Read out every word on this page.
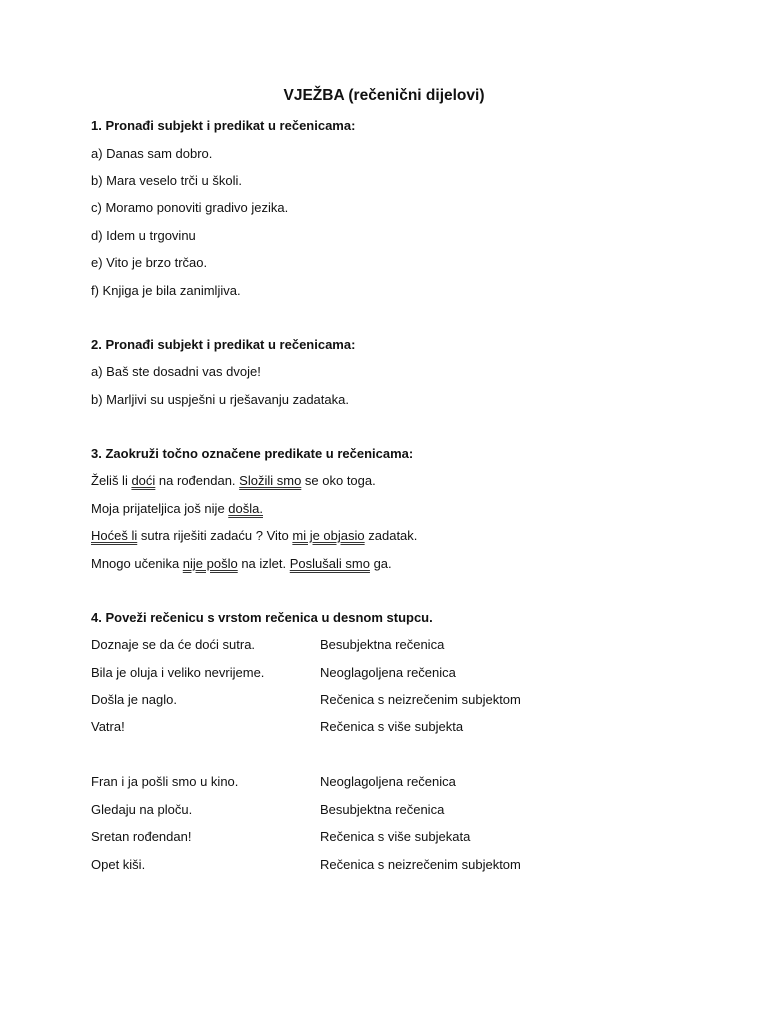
VJEŽBA (rečenični dijelovi)
1. Pronađi subjekt i predikat u rečenicama:
a) Danas sam dobro.
b) Mara veselo trči u školi.
c) Moramo ponoviti gradivo jezika.
d) Idem u trgovinu
e) Vito je brzo trčao.
f) Knjiga je bila zanimljiva.
2. Pronađi subjekt i predikat u rečenicama:
a) Baš ste dosadni vas dvoje!
b) Marljivi su uspješni u rješavanju zadataka.
3. Zaokruži točno označene predikate u rečenicama:
Želiš li doći na rođendan. Složili smo se oko toga.
Moja prijateljica još nije došla.
Hoćeš li sutra riješiti zadaću ? Vito mi je objasio zadatak.
Mnogo učenika nije pošlo na izlet. Poslušali smo ga.
4. Poveži rečenicu s vrstom rečenica u desnom stupcu.
Doznaje se da će doći sutra.	Besubjektna rečenica
Bila je oluja i veliko nevrijeme.	Neoglagoljena rečenica
Došla je naglo.	Rečenica s neizrečenim subjektom
Vatra!	Rečenica s više subjekta
Fran i ja pošli smo u kino.	Neoglagoljena rečenica
Gledaju na ploču.	Besubjektna rečenica
Sretan rođendan!	Rečenica s više subjekata
Opet kiši.	Rečenica s neizrečenim subjektom
